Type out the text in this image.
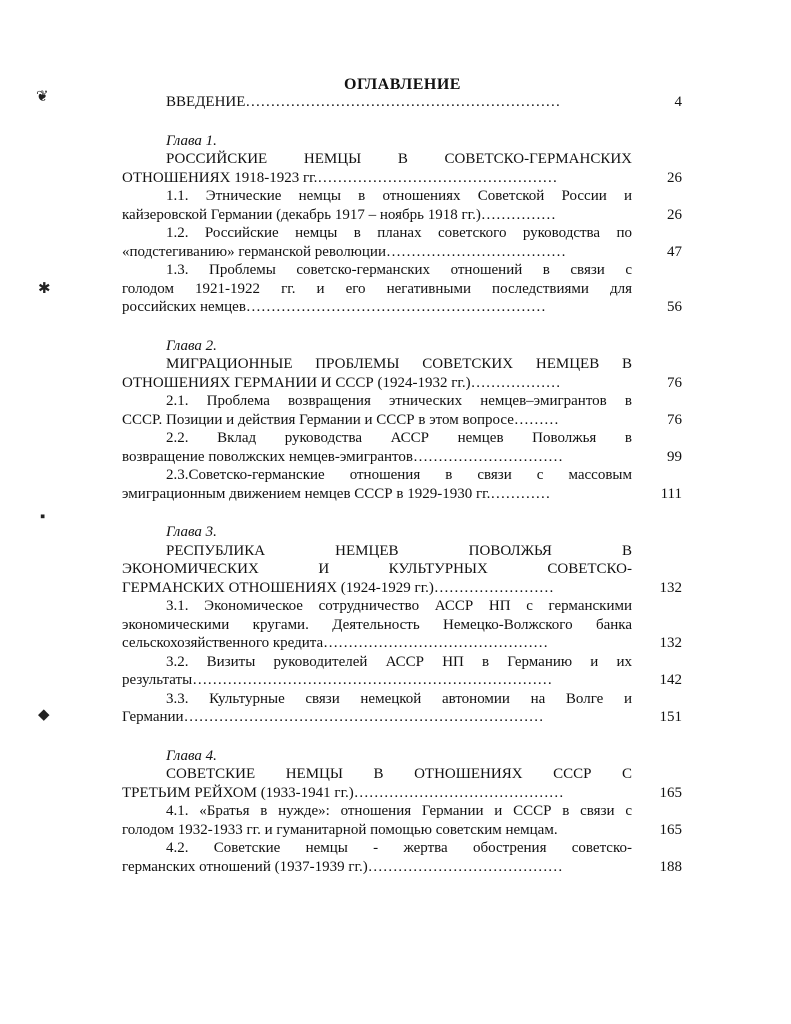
ОГЛАВЛЕНИЕ
ВВЕДЕНИЕ………………………………………………………	4
Глава 1.
РОССИЙСКИЕ НЕМЦЫ В СОВЕТСКО-ГЕРМАНСКИХ
ОТНОШЕНИЯХ 1918-1923 гг.…………………………………………	26
1.1. Этнические немцы в отношениях Советской России и
кайзеровской Германии (декабрь 1917 – ноябрь 1918 гг.)……………	26
1.2. Российские немцы в планах советского руководства по
«подстегиванию» германской революции………………………………	47
1.3. Проблемы советско-германских отношений в связи с
голодом 1921-1922 гг. и его негативными последствиями для
российских немцев……………………………………………………	56
Глава 2.
МИГРАЦИОННЫЕ ПРОБЛЕМЫ СОВЕТСКИХ НЕМЦЕВ В
ОТНОШЕНИЯХ ГЕРМАНИИ И СССР (1924-1932 гг.)………………	76
2.1. Проблема возвращения этнических немцев–эмигрантов в
СССР. Позиции и действия Германии и СССР в этом вопросе………	76
2.2. Вклад руководства АССР немцев Поволжья в
возвращение поволжских немцев-эмигрантов…………………………	99
2.3.Советско-германские отношения в связи с массовым
эмиграционным движением немцев СССР в 1929-1930 гг.…………	111
Глава 3.
РЕСПУБЛИКА НЕМЦЕВ ПОВОЛЖЬЯ В
ЭКОНОМИЧЕСКИХ И КУЛЬТУРНЫХ СОВЕТСКО-
ГЕРМАНСКИХ ОТНОШЕНИЯХ (1924-1929 гг.)……………………	132
3.1. Экономическое сотрудничество АССР НП с германскими
экономическими кругами. Деятельность Немецко-Волжского банка
сельскохозяйственного кредита………………………………………	132
3.2. Визиты руководителей АССР НП в Германию и их
результаты………………………………………………………………	142
3.3. Культурные связи немецкой автономии на Волге и
Германии………………………………………………………………	151
Глава 4.
СОВЕТСКИЕ НЕМЦЫ В ОТНОШЕНИЯХ СССР С
ТРЕТЬИМ РЕЙХОМ (1933-1941 гг.)……………………………………	165
4.1. «Братья в нужде»: отношения Германии и СССР в связи с
голодом 1932-1933 гг. и гуманитарной помощью советским немцам.	165
4.2. Советские немцы - жертва обострения советско-
германских отношений (1937-1939 гг.)…………………………………	188
❦
✱
▪
◆
